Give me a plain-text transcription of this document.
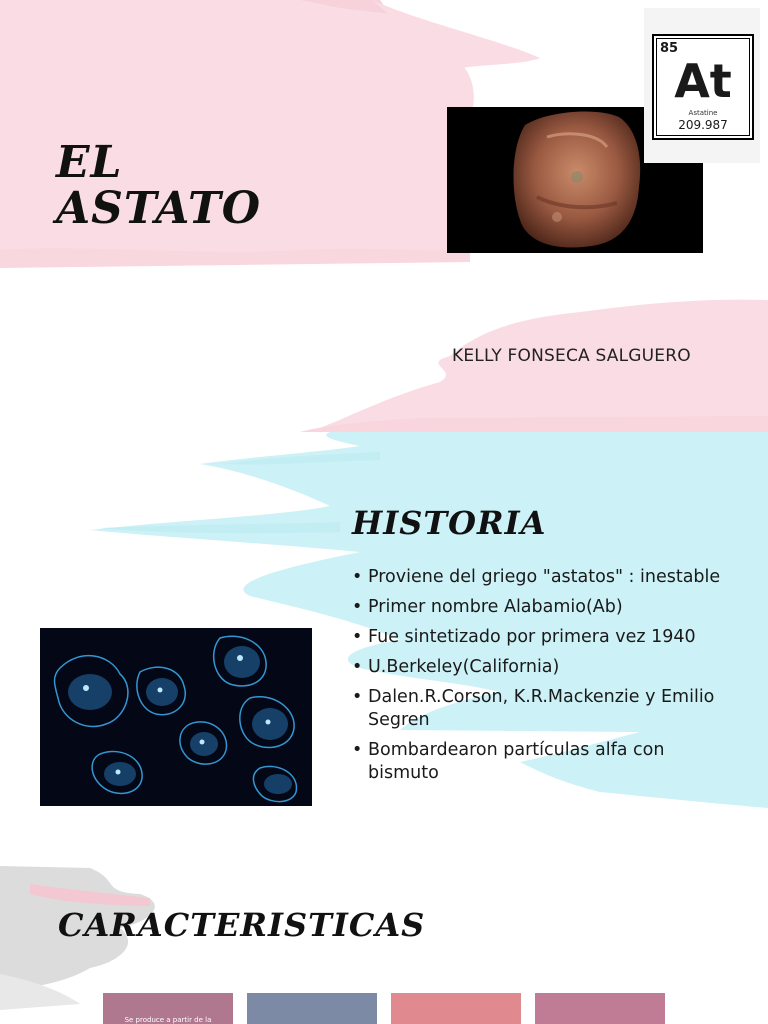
EL
ASTATO
85
At
Astatine
209.987
KELLY FONSECA SALGUERO
HISTORIA
• Proviene del griego "astatos" : inestable
• Primer nombre Alabamio(Ab)
• Fue sintetizado por primera vez 1940
• U.Berkeley(California)
• Dalen.R.Corson, K.R.Mackenzie y Emilio Segren
• Bombardearon partículas alfa con bismuto
CARACTERISTICAS
Se produce a partir de la
